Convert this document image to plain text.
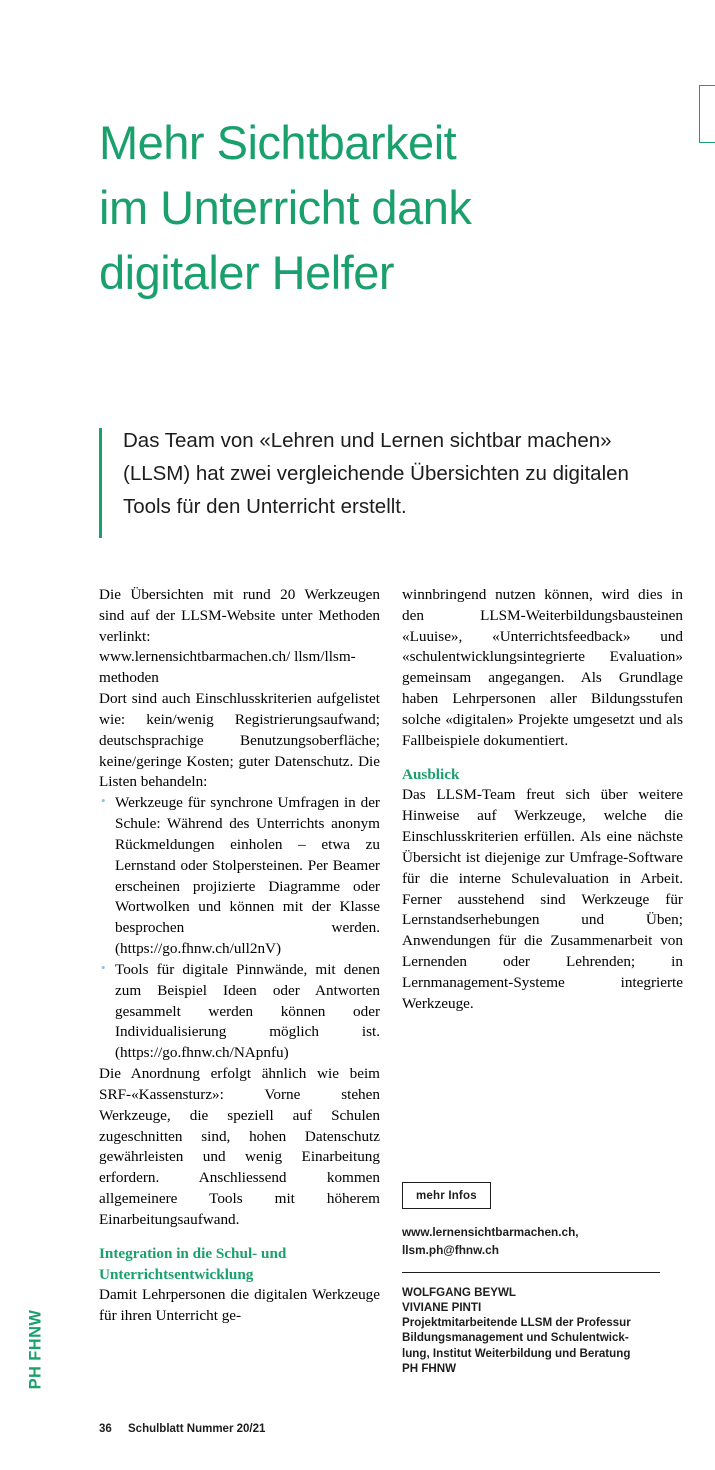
Mehr Sichtbarkeit
im Unterricht dank
digitaler Helfer
Das Team von «Lehren und Lernen sichtbar machen» (LLSM) hat zwei vergleichende Übersichten zu digitalen Tools für den Unterricht erstellt.

Die Übersichten mit rund 20 Werkzeugen sind auf der LLSM-Website unter Methoden verlinkt:

www.lernensichtbarmachen.ch/ llsm/llsm-methoden

Dort sind auch Einschlusskriterien aufgelistet wie: kein/wenig Registrierungsaufwand; deutschsprachige Benutzungsoberfläche; keine/geringe Kosten; guter Datenschutz. Die Listen behandeln:

• Werkzeuge für synchrone Umfragen in der Schule: Während des Unterrichts anonym Rückmeldungen einholen – etwa zu Lernstand oder Stolpersteinen. Per Beamer erscheinen projizierte Diagramme oder Wortwolken und können mit der Klasse besprochen werden. (https://go.fhnw.ch/ull2nV)
• Tools für digitale Pinnwände, mit denen zum Beispiel Ideen oder Antworten gesammelt werden können oder Individualisierung möglich ist. (https://go.fhnw.ch/NApnfu)

Die Anordnung erfolgt ähnlich wie beim SRF-«Kassensturz»: Vorne stehen Werkzeuge, die speziell auf Schulen zugeschnitten sind, hohen Datenschutz gewährleisten und wenig Einarbeitung erfordern. Anschliessend kommen allgemeinere Tools mit höherem Einarbeitungsaufwand.

Integration in die Schul- und Unterrichtsentwicklung

Damit Lehrpersonen die digitalen Werkzeuge für ihren Unterricht ge-

winnbringend nutzen können, wird dies in den LLSM-Weiterbildungsbausteinen «Luuise», «Unterrichtsfeedback» und «schulentwicklungsintegrierte Evaluation» gemeinsam angegangen. Als Grundlage haben Lehrpersonen aller Bildungsstufen solche «digitalen» Projekte umgesetzt und als Fallbeispiele dokumentiert.

Ausblick

Das LLSM-Team freut sich über weitere Hinweise auf Werkzeuge, welche die Einschlusskriterien erfüllen. Als eine nächste Übersicht ist diejenige zur Umfrage-Software für die interne Schulevaluation in Arbeit. Ferner ausstehend sind Werkzeuge für Lernstandserhebungen und Üben; Anwendungen für die Zusammenarbeit von Lernenden oder Lehrenden; in Lernmanagement-Systeme integrierte Werkzeuge.

mehr Infos
www.lernensichtbarmachen.ch,
llsm.ph@fhnw.ch
WOLFGANG BEYWL
VIVIANE PINTI
Projektmitarbeitende LLSM der Professur
Bildungsmanagement und Schulentwick-
lung, Institut Weiterbildung und Beratung
PH FHNW
PH FHNW
36 Schulblatt Nummer 20/21
